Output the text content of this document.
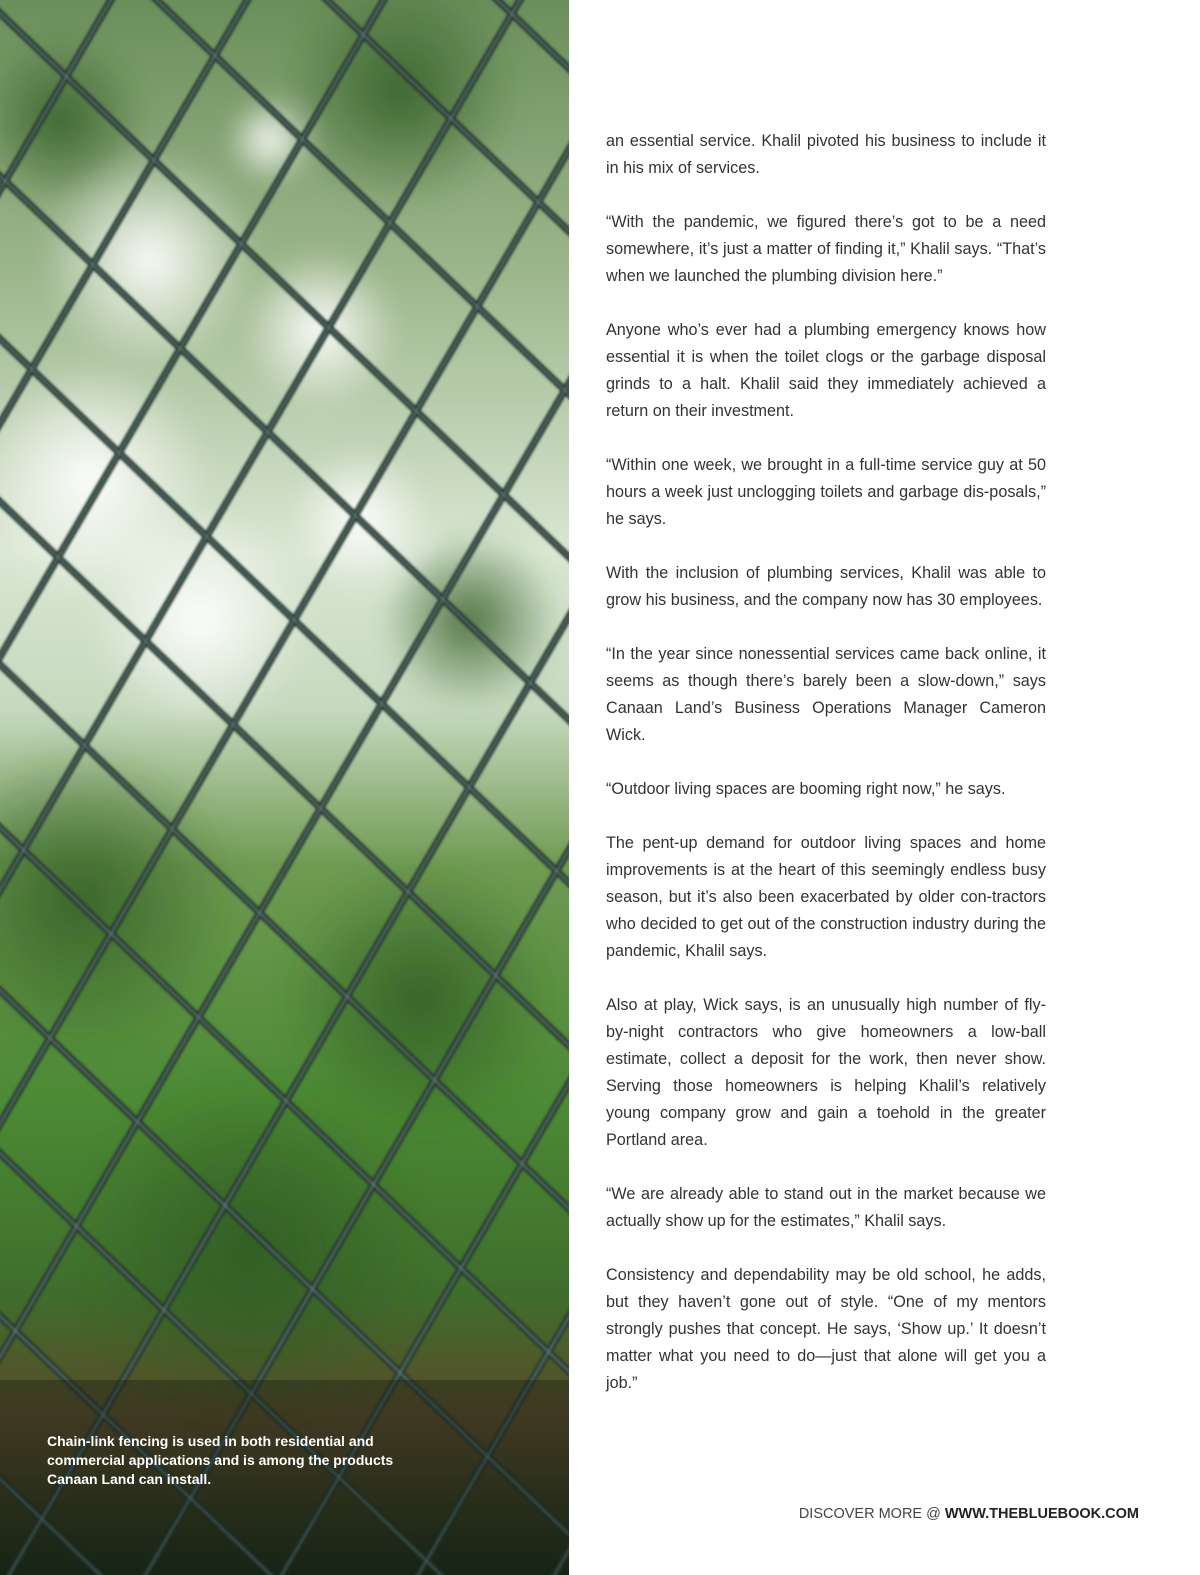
Chain-link fencing is used in both residential and commercial applications and is among the products Canaan Land can install.

an essential service. Khalil pivoted his business to include it in his mix of services.

“With the pandemic, we figured there’s got to be a need somewhere, it’s just a matter of finding it,” Khalil says. “That’s when we launched the plumbing division here.”

Anyone who’s ever had a plumbing emergency knows how essential it is when the toilet clogs or the garbage disposal grinds to a halt. Khalil said they immediately achieved a return on their investment.

“Within one week, we brought in a full-time service guy at 50 hours a week just unclogging toilets and garbage dis-posals,” he says.

With the inclusion of plumbing services, Khalil was able to grow his business, and the company now has 30 employees.

“In the year since nonessential services came back online, it seems as though there’s barely been a slow-down,” says Canaan Land’s Business Operations Manager Cameron Wick.

“Outdoor living spaces are booming right now,” he says.

The pent-up demand for outdoor living spaces and home improvements is at the heart of this seemingly endless busy season, but it’s also been exacerbated by older con-tractors who decided to get out of the construction industry during the pandemic, Khalil says.

Also at play, Wick says, is an unusually high number of fly-by-night contractors who give homeowners a low-ball estimate, collect a deposit for the work, then never show. Serving those homeowners is helping Khalil’s relatively young company grow and gain a toehold in the greater Portland area.

“We are already able to stand out in the market because we actually show up for the estimates,” Khalil says.

Consistency and dependability may be old school, he adds, but they haven’t gone out of style. “One of my mentors strongly pushes that concept. He says, ‘Show up.’ It doesn’t matter what you need to do—just that alone will get you a job.”

DISCOVER MORE @ WWW.THEBLUEBOOK.COM
